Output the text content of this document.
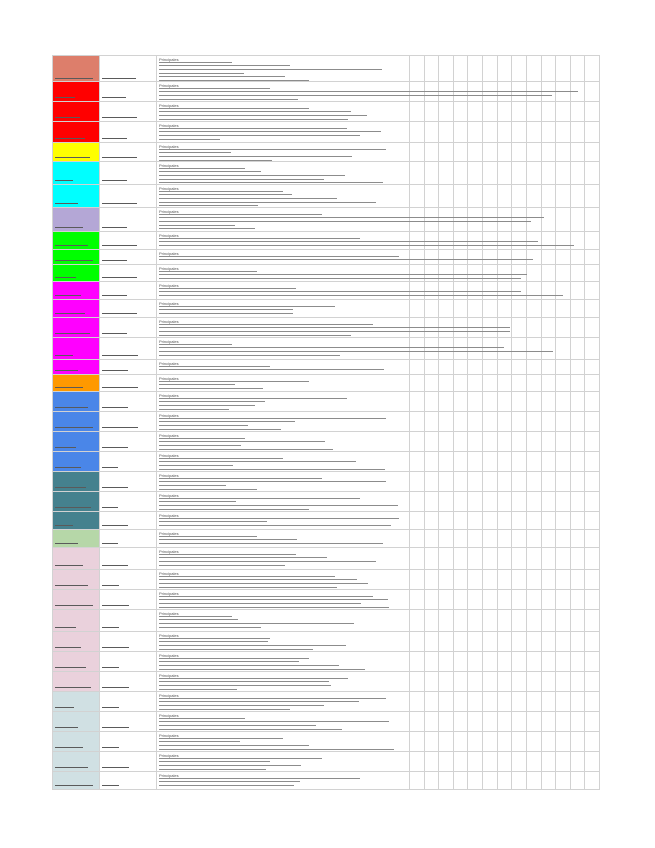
Principales
Principales
Principales
Principales
Principales
Principales
Principales
Principales
Principales
Principales
Principales
Principales
Principales
Principales
Principales
Principales
Principales
Principales
Principales
Principales
Principales
Principales
Principales
Principales
Principales
Principales
Principales
Principales
Principales
Principales
Principales
Principales
Principales
Principales
Principales
Principales
Principales
